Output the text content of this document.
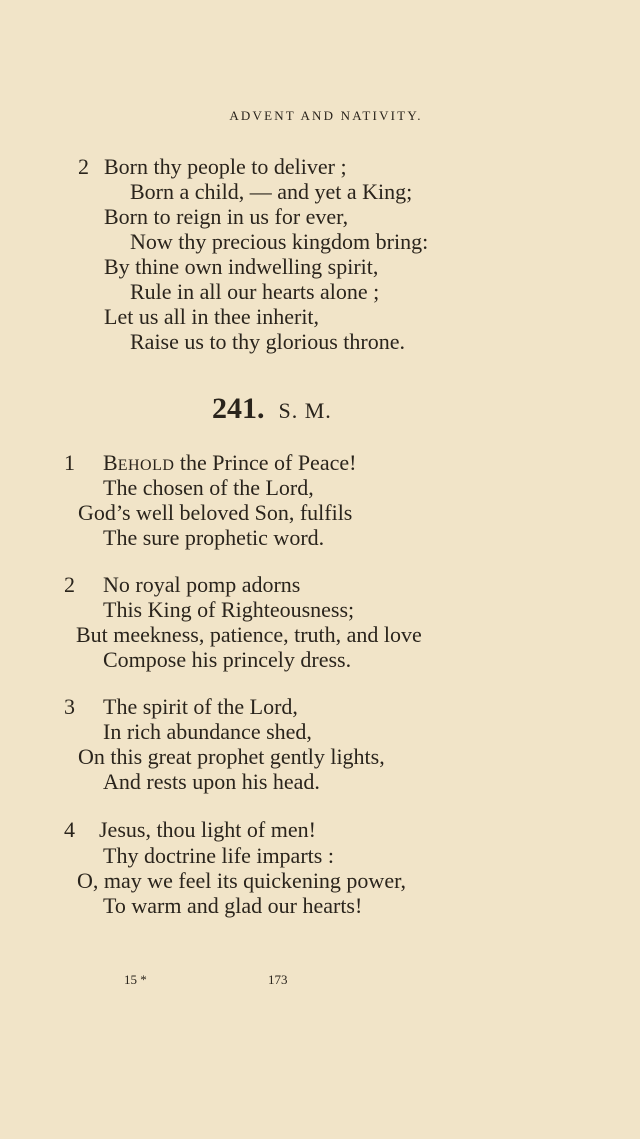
ADVENT AND NATIVITY.
2 Born thy people to deliver ;
Born a child, — and yet a King;
Born to reign in us for ever,
Now thy precious kingdom bring:
By thine own indwelling spirit,
Rule in all our hearts alone ;
Let us all in thee inherit,
Raise us to thy glorious throne.
241. S. M.
1 BEHOLD the Prince of Peace!
The chosen of the Lord,
God’s well beloved Son, fulfils
The sure prophetic word.
2 No royal pomp adorns
This King of Righteousness;
But meekness, patience, truth, and love
Compose his princely dress.
3 The spirit of the Lord,
In rich abundance shed,
On this great prophet gently lights,
And rests upon his head.
4 Jesus, thou light of men!
Thy doctrine life imparts :
O, may we feel its quickening power,
To warm and glad our hearts!
15 *	173
